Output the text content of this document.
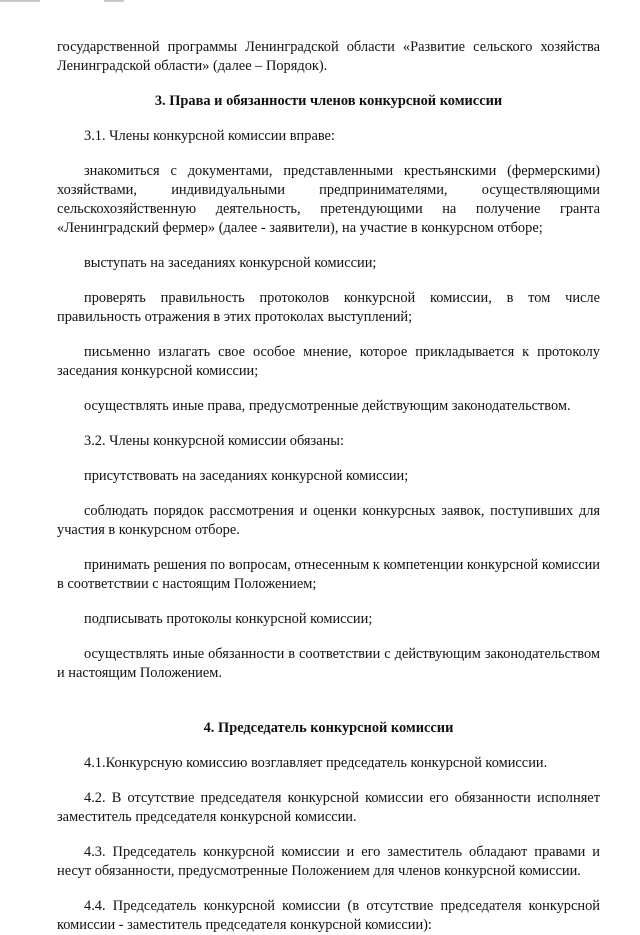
государственной программы Ленинградской области «Развитие сельского хозяйства Ленинградской области» (далее – Порядок).

3. Права и обязанности членов конкурсной комиссии

3.1. Члены конкурсной комиссии вправе:

знакомиться с документами, представленными крестьянскими (фермерскими) хозяйствами, индивидуальными предпринимателями, осуществляющими сельскохозяйственную деятельность, претендующими на получение гранта «Ленинградский фермер» (далее - заявители), на участие в конкурсном отборе;

выступать на заседаниях конкурсной комиссии;

проверять правильность протоколов конкурсной комиссии, в том числе правильность отражения в этих протоколах выступлений;

письменно излагать свое особое мнение, которое прикладывается к протоколу заседания конкурсной комиссии;

осуществлять иные права, предусмотренные действующим законодательством.

3.2. Члены конкурсной комиссии обязаны:

присутствовать на заседаниях конкурсной комиссии;

соблюдать порядок рассмотрения и оценки конкурсных заявок, поступивших для участия в конкурсном отборе.

принимать решения по вопросам, отнесенным к компетенции конкурсной комиссии в соответствии с настоящим Положением;

подписывать протоколы конкурсной комиссии;

осуществлять иные обязанности в соответствии с действующим законодательством и настоящим Положением.

4. Председатель конкурсной комиссии

4.1.Конкурсную комиссию возглавляет председатель конкурсной комиссии.

4.2. В отсутствие председателя конкурсной комиссии его обязанности исполняет заместитель председателя конкурсной комиссии.

4.3. Председатель конкурсной комиссии и его заместитель обладают правами и несут обязанности, предусмотренные Положением для членов конкурсной комиссии.

4.4. Председатель конкурсной комиссии (в отсутствие председателя конкурсной комиссии - заместитель председателя конкурсной комиссии):
